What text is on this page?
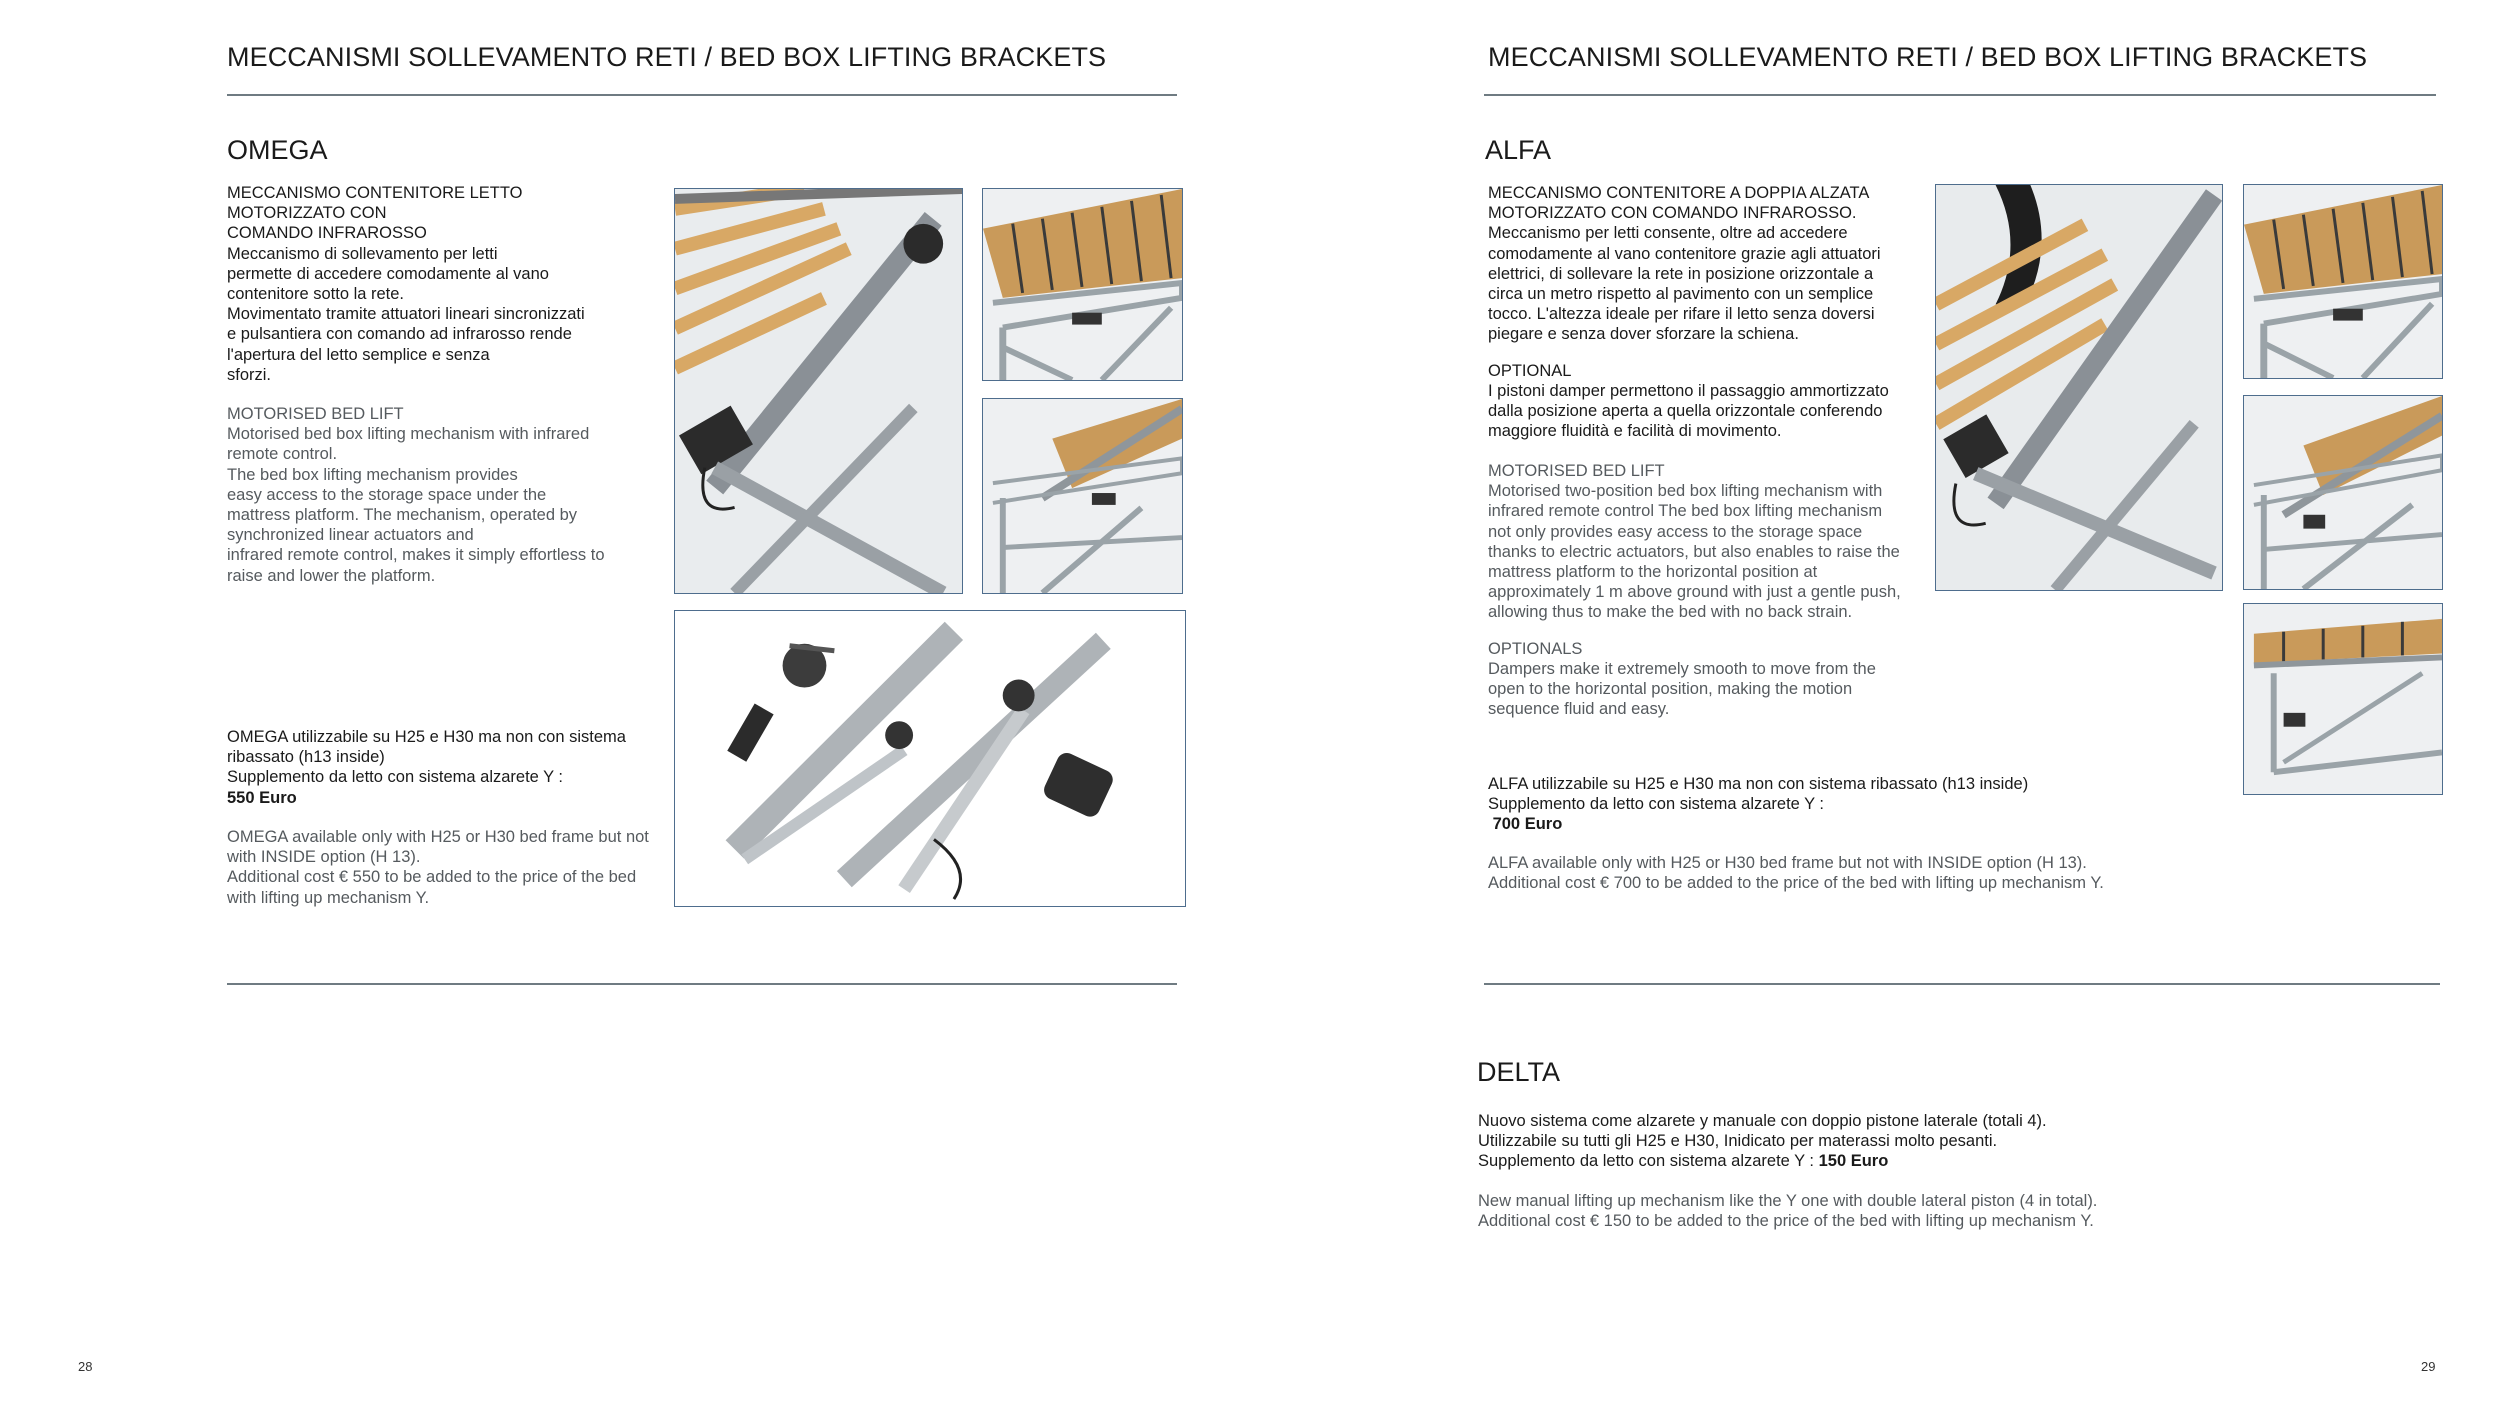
MECCANISMI SOLLEVAMENTO RETI / BED BOX LIFTING BRACKETS
OMEGA
MECCANISMO CONTENITORE LETTO
MOTORIZZATO CON
COMANDO INFRAROSSO
Meccanismo di sollevamento per letti
permette di accedere comodamente al vano
contenitore sotto la rete.
Movimentato tramite attuatori lineari sincronizzati
e pulsantiera con comando ad infrarosso rende
l'apertura del letto semplice e senza
sforzi.
MOTORISED BED LIFT
Motorised bed box lifting mechanism with infrared
remote control.
The bed box lifting mechanism provides
easy access to the storage space under the
mattress platform. The mechanism, operated by
synchronized linear actuators and
infrared remote control, makes it simply effortless to
raise and lower the platform.
OMEGA utilizzabile su H25 e H30 ma non con sistema
ribassato (h13 inside)
Supplemento da letto con sistema alzarete Y :
550 Euro
OMEGA available only with H25 or H30 bed frame but not
with INSIDE option (H 13).
Additional cost € 550 to be added to the price of the bed
with lifting up mechanism Y.
28
MECCANISMI SOLLEVAMENTO RETI / BED BOX LIFTING BRACKETS
ALFA
MECCANISMO CONTENITORE A DOPPIA ALZATA
MOTORIZZATO CON COMANDO INFRAROSSO.
Meccanismo per letti consente, oltre ad accedere
comodamente al vano contenitore grazie agli attuatori
elettrici, di sollevare la rete in posizione orizzontale a
circa un metro rispetto al pavimento con un semplice
tocco. L'altezza ideale per rifare il letto senza doversi
piegare e senza dover sforzare la schiena.
OPTIONAL
I pistoni damper permettono il passaggio ammortizzato
dalla posizione aperta a quella orizzontale conferendo
maggiore fluidità e facilità di movimento.
MOTORISED BED LIFT
Motorised two-position bed box lifting mechanism with
infrared remote control The bed box lifting mechanism
not only provides easy access to the storage space
thanks to electric actuators, but also enables to raise the
mattress platform to the horizontal position at
approximately 1 m above ground with just a gentle push,
allowing thus to make the bed with no back strain.
OPTIONALS
Dampers make it extremely smooth to move from the
open to the horizontal position, making the motion
sequence fluid and easy.
ALFA utilizzabile su H25 e H30 ma non con sistema ribassato (h13 inside)
Supplemento da letto con sistema alzarete Y :
700 Euro
ALFA available only with H25 or H30 bed frame but not with INSIDE option (H 13).
Additional cost € 700 to be added to the price of the bed with lifting up mechanism Y.
DELTA
Nuovo sistema come alzarete y manuale con doppio pistone laterale (totali 4).
Utilizzabile su tutti gli H25 e H30, Inidicato per materassi molto pesanti.
Supplemento da letto con sistema alzarete Y : 150 Euro
New manual lifting up mechanism like the Y one with double lateral piston (4 in total).
Additional cost € 150 to be added to the price of the bed with lifting up mechanism Y.
29
